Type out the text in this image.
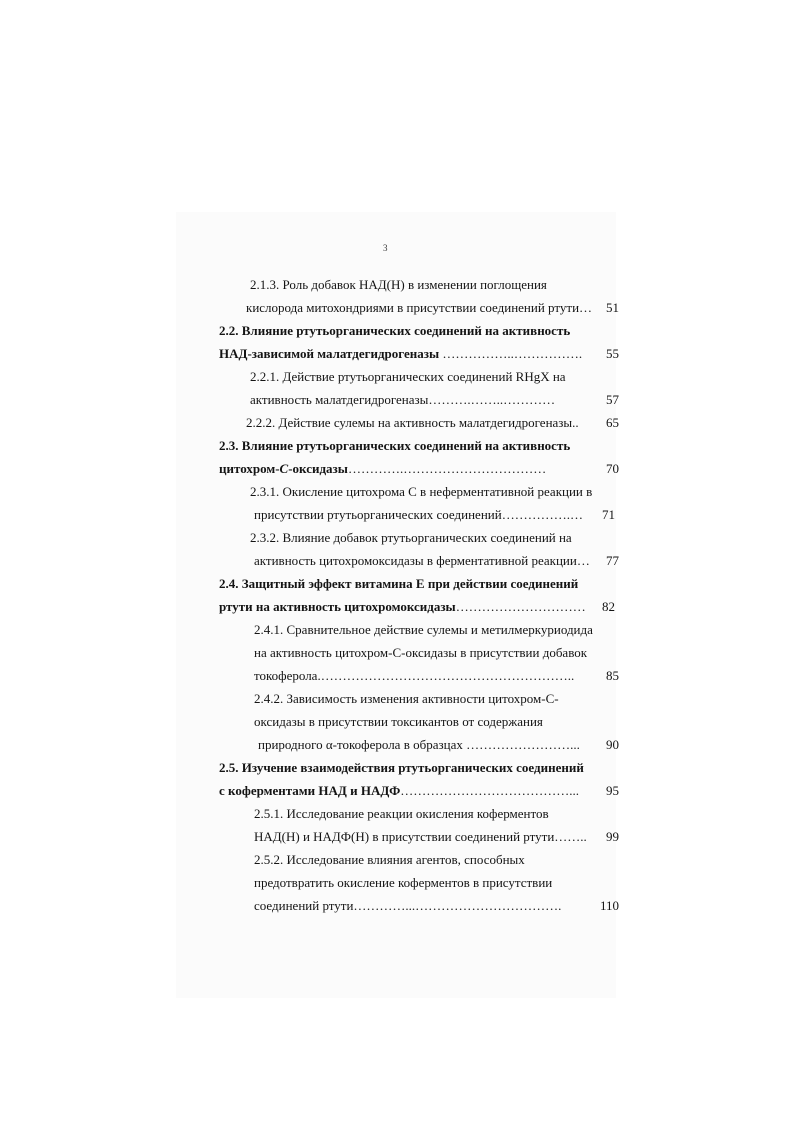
3
2.1.3. Роль добавок НАД(Н) в изменении поглощения
кислорода митохондриями в присутствии соединений ртути… 51
2.2. Влияние ртутьорганических соединений на активность
НАД-зависимой малатдегидрогеназы ……………..……………. 55
2.2.1. Действие ртутьорганических соединений RHgX на
активность малатдегидрогеназы……….……..…………	57
2.2.2. Действие сулемы на активность малатдегидрогеназы.. 65
2.3. Влияние ртутьорганических соединений на активность
цитохром-C-оксидазы………….……………………………	70
2.3.1. Окисление цитохрома C в неферментативной реакции в
присутствии ртутьорганических соединений…………….… 71
2.3.2. Влияние добавок ртутьорганических соединений на
активность цитохромоксидазы в ферментативной реакции… 77
2.4. Защитный эффект витамина E при действии соединений
ртути на активность цитохромоксидазы………………………… 82
2.4.1. Сравнительное действие сулемы и метилмеркуриодида
на активность цитохром-C-оксидазы в присутствии добавок
токоферола.………………………………………………….. 85
2.4.2. Зависимость изменения активности цитохром-C-
оксидазы в присутствии токсикантов от содержания
природного α-токоферола в образцах ……………………... 90
2.5. Изучение взаимодействия ртутьорганических соединений
с коферментами НАД и НАДФ…………………………………... 95
2.5.1. Исследование реакции окисления коферментов
НАД(Н) и НАДФ(Н) в присутствии соединений ртути…….. 99
2.5.2. Исследование влияния агентов, способных
предотвратить окисление коферментов в присутствии
соединений ртути…………...…………………………….	110
